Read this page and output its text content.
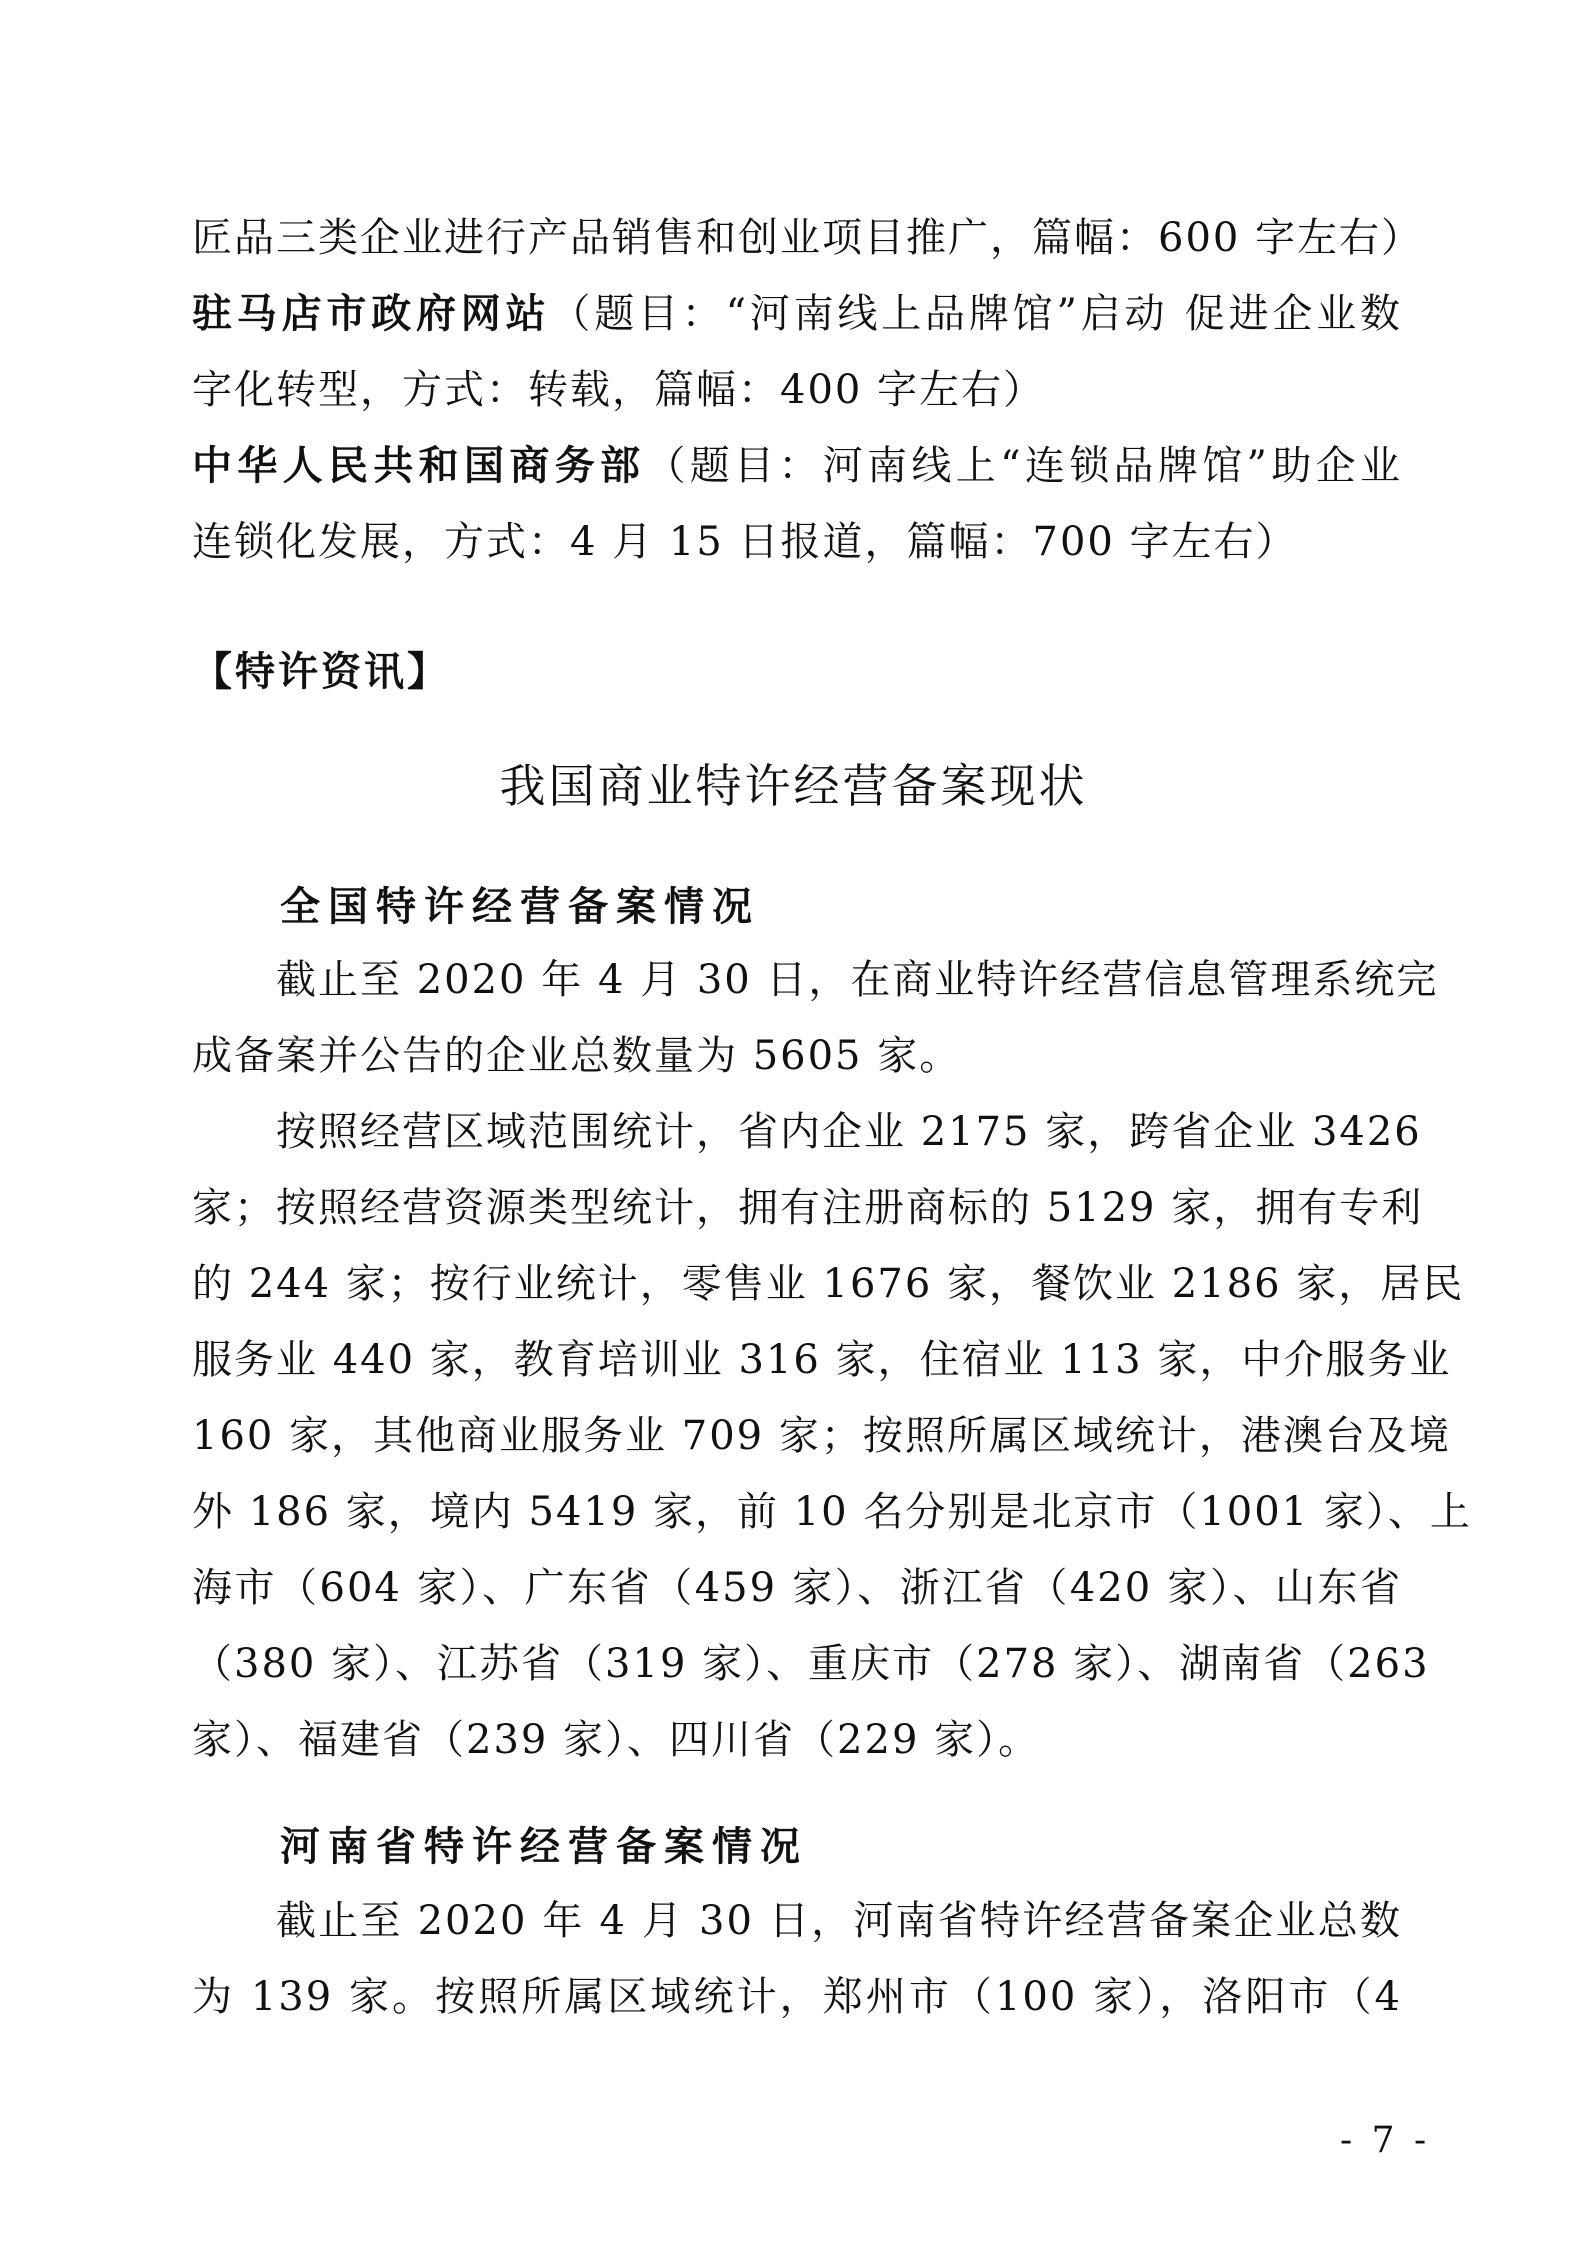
匠品三类企业进行产品销售和创业项目推广，篇幅：600 字左右）
驻马店市政府网站（题目：“河南线上品牌馆”启动 促进企业数
字化转型，方式：转载，篇幅：400 字左右）
中华人民共和国商务部（题目：河南线上“连锁品牌馆”助企业
连锁化发展，方式：4 月 15 日报道，篇幅：700 字左右）
【特许资讯】
我国商业特许经营备案现状
全国特许经营备案情况
截止至 2020 年 4 月 30 日，在商业特许经营信息管理系统完
成备案并公告的企业总数量为 5605 家。
按照经营区域范围统计，省内企业 2175 家，跨省企业 3426
家；按照经营资源类型统计，拥有注册商标的 5129 家，拥有专利
的 244 家；按行业统计，零售业 1676 家，餐饮业 2186 家，居民
服务业 440 家，教育培训业 316 家，住宿业 113 家，中介服务业
160 家，其他商业服务业 709 家；按照所属区域统计，港澳台及境
外 186 家，境内 5419 家，前 10 名分别是北京市（1001 家）、上
海市（604 家）、广东省（459 家）、浙江省（420 家）、山东省
（380 家）、江苏省（319 家）、重庆市（278 家）、湖南省（263
家）、福建省（239 家）、四川省（229 家）。
河南省特许经营备案情况
截止至 2020 年 4 月 30 日，河南省特许经营备案企业总数
为 139 家。按照所属区域统计，郑州市（100 家），洛阳市（4
- 7 -
